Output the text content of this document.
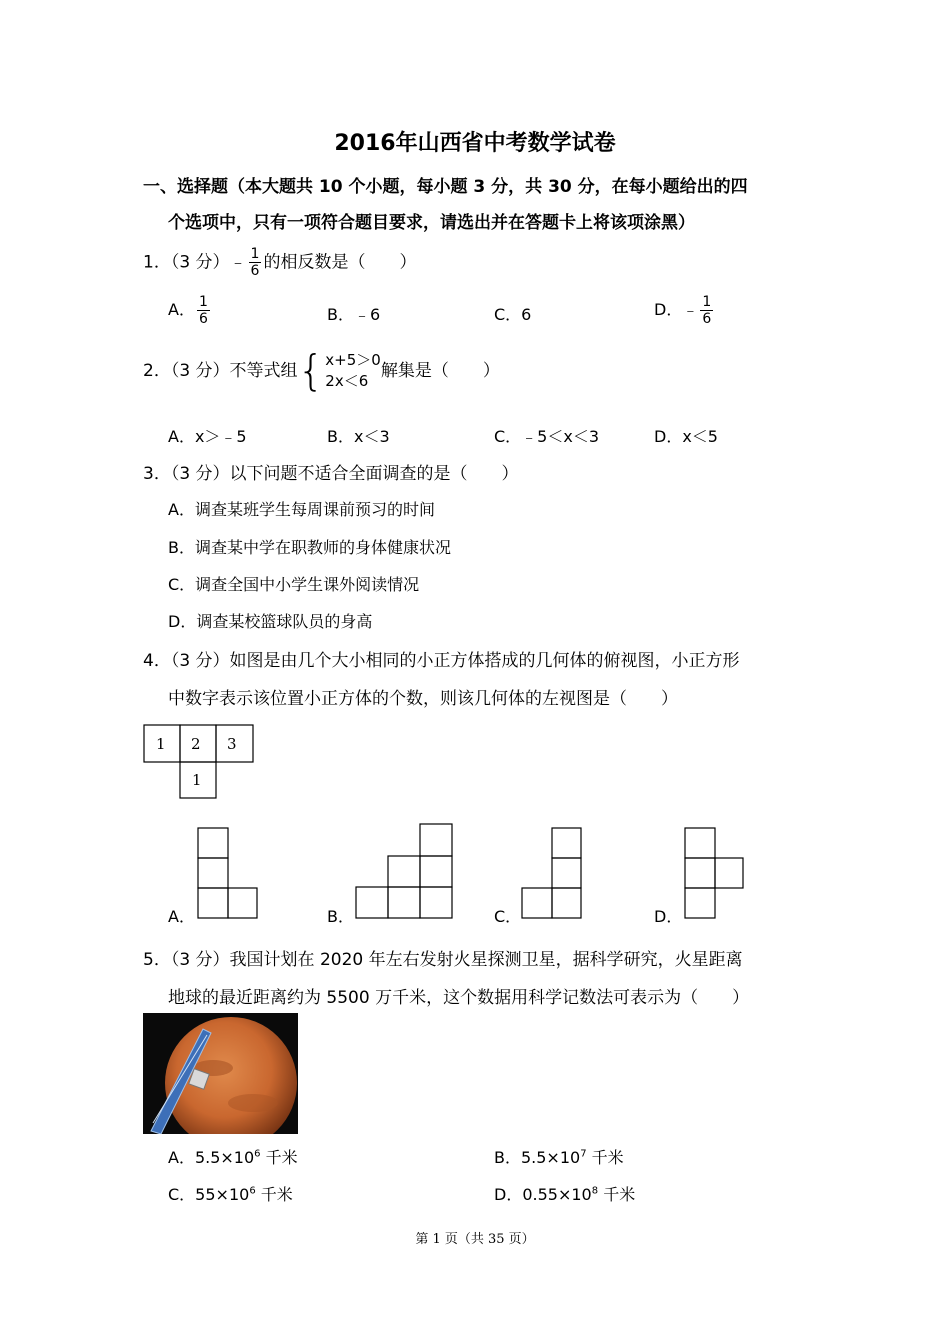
2016年山西省中考数学试卷
一、选择题（本大题共 10 个小题，每小题 3 分，共 30 分，在每小题给出的四
个选项中，只有一项符合题目要求，请选出并在答题卡上将该项涂黑）
1．（3 分）﹣ $\frac{1}{6}$ 的相反数是（　　）
A． $\frac{1}{6}$	B．﹣6	C．6	D．﹣ $\frac{1}{6}$
2．（3 分）不等式组 { x+5＞0
2x＜6 解集是（　　）
A．x＞﹣5	B．x＜3	C．﹣5＜x＜3	D．x＜5
3．（3 分）以下问题不适合全面调查的是（　　）
A．调查某班学生每周课前预习的时间
B．调查某中学在职教师的身体健康状况
C．调查全国中小学生课外阅读情况
D．调查某校篮球队员的身高
4．（3 分）如图是由几个大小相同的小正方体搭成的几何体的俯视图，小正方形
中数字表示该位置小正方体的个数，则该几何体的左视图是（　　）
1 2 3
1
A．	B．	C．	D．
5．（3 分）我国计划在 2020 年左右发射火星探测卫星，据科学研究，火星距离
地球的最近距离约为 5500 万千米，这个数据用科学记数法可表示为（　　）
A．$5.5\times 10^6$ 千米	B．$5.5\times 10^7$ 千米
C．$55\times 10^6$ 千米	D．$0.55\times 10^8$ 千米
第 1 页（共 35 页）
